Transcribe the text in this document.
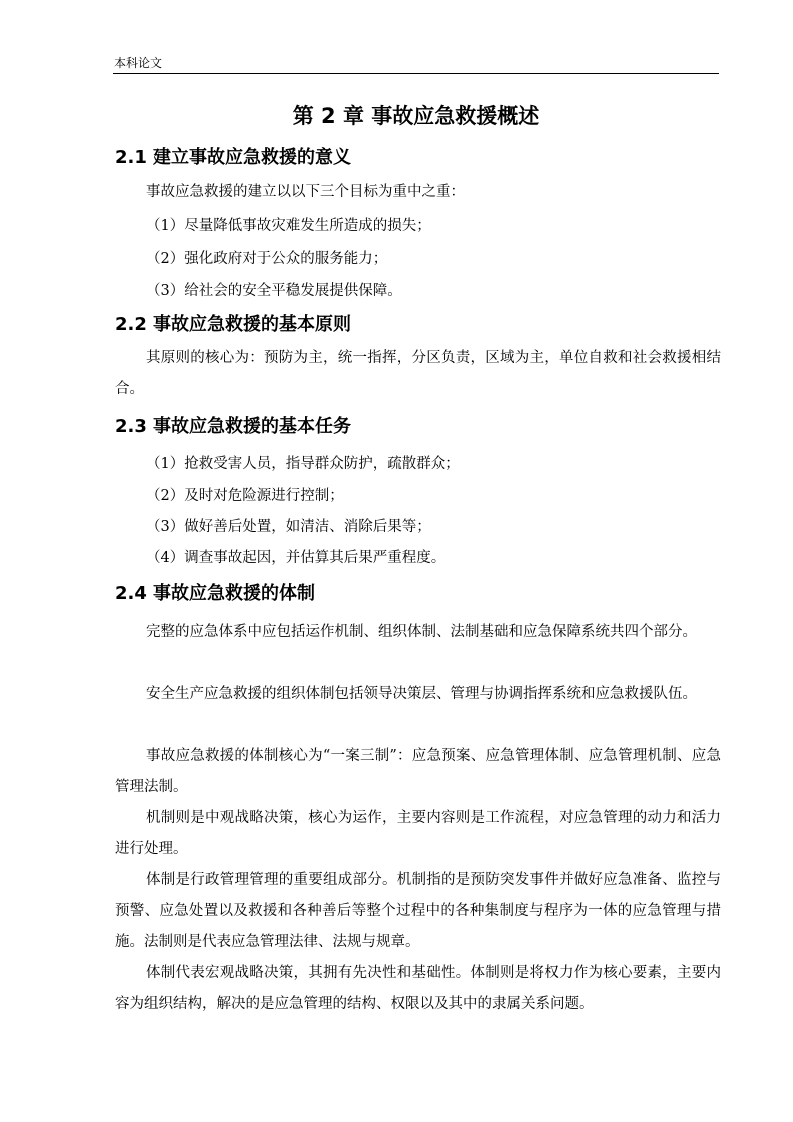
本科论文
第 2 章 事故应急救援概述
2.1 建立事故应急救援的意义
事故应急救援的建立以以下三个目标为重中之重：
（1）尽量降低事故灾难发生所造成的损失；
（2）强化政府对于公众的服务能力；
（3）给社会的安全平稳发展提供保障。
2.2 事故应急救援的基本原则
其原则的核心为：预防为主，统一指挥，分区负责，区域为主，单位自救和社会救援相结合。
2.3 事故应急救援的基本任务
（1）抢救受害人员，指导群众防护，疏散群众；
（2）及时对危险源进行控制；
（3）做好善后处置，如清洁、消除后果等；
（4）调查事故起因，并估算其后果严重程度。
2.4 事故应急救援的体制
完整的应急体系中应包括运作机制、组织体制、法制基础和应急保障系统共四个部分。
安全生产应急救援的组织体制包括领导决策层、管理与协调指挥系统和应急救援队伍。
事故应急救援的体制核心为“一案三制”：应急预案、应急管理体制、应急管理机制、应急管理法制。
机制则是中观战略决策，核心为运作，主要内容则是工作流程，对应急管理的动力和活力进行处理。
体制是行政管理管理的重要组成部分。机制指的是预防突发事件并做好应急准备、监控与预警、应急处置以及救援和各种善后等整个过程中的各种集制度与程序为一体的应急管理与措施。法制则是代表应急管理法律、法规与规章。
体制代表宏观战略决策，其拥有先决性和基础性。体制则是将权力作为核心要素，主要内容为组织结构，解决的是应急管理的结构、权限以及其中的隶属关系问题。
